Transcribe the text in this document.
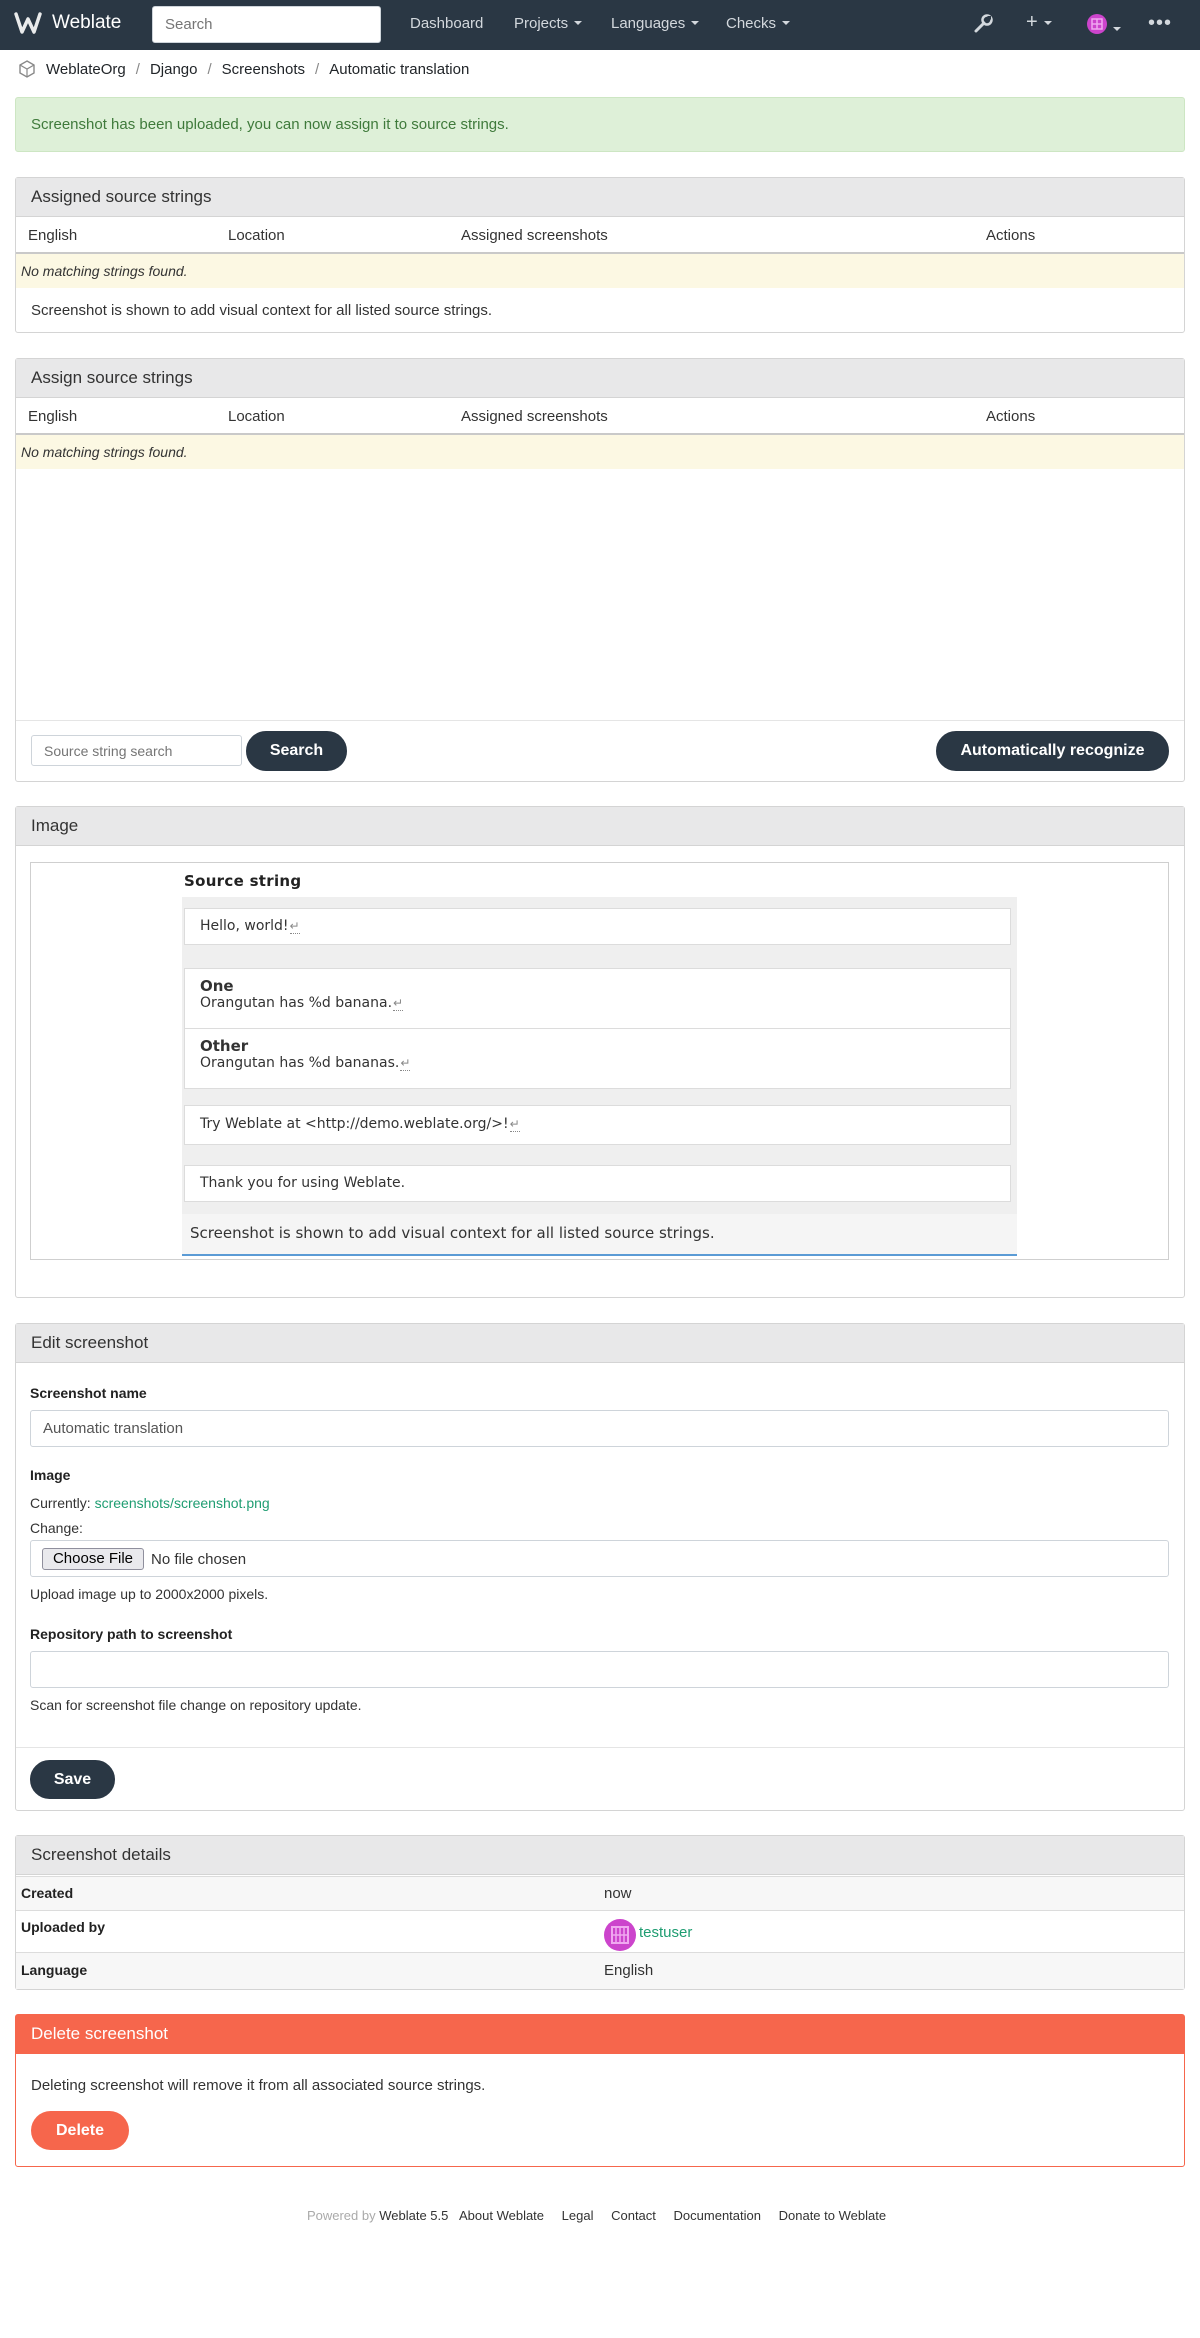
Weblate
Search	Dashboard Projects	Languages	Checks	+	•••
WeblateOrg / Django / Screenshots / Automatic translation
Screenshot has been uploaded, you can now assign it to source strings.
Assigned source strings
English	Location	Assigned screenshots	Actions
No matching strings found.
Screenshot is shown to add visual context for all listed source strings.
Assign source strings
English	Location	Assigned screenshots	Actions
No matching strings found.
Source string search
Search	Automatically recognize
Image
Source string
Hello, world!↵
One
Orangutan has %d banana.↵
Other
Orangutan has %d bananas.↵
Try Weblate at <http://demo.weblate.org/>!↵
Thank you for using Weblate.
Screenshot is shown to add visual context for all listed source strings.
Edit screenshot
Screenshot name
Automatic translation
Image
Currently: screenshots/screenshot.png
Change:
Choose File	No file chosen
Upload image up to 2000x2000 pixels.
Repository path to screenshot
Scan for screenshot file change on repository update.
Save
Screenshot details
Created	now
Uploaded by	testuser
Language	English
Delete screenshot
Deleting screenshot will remove it from all associated source strings.
Delete
Powered by Weblate 5.5 About Weblate Legal Contact Documentation Donate to Weblate
